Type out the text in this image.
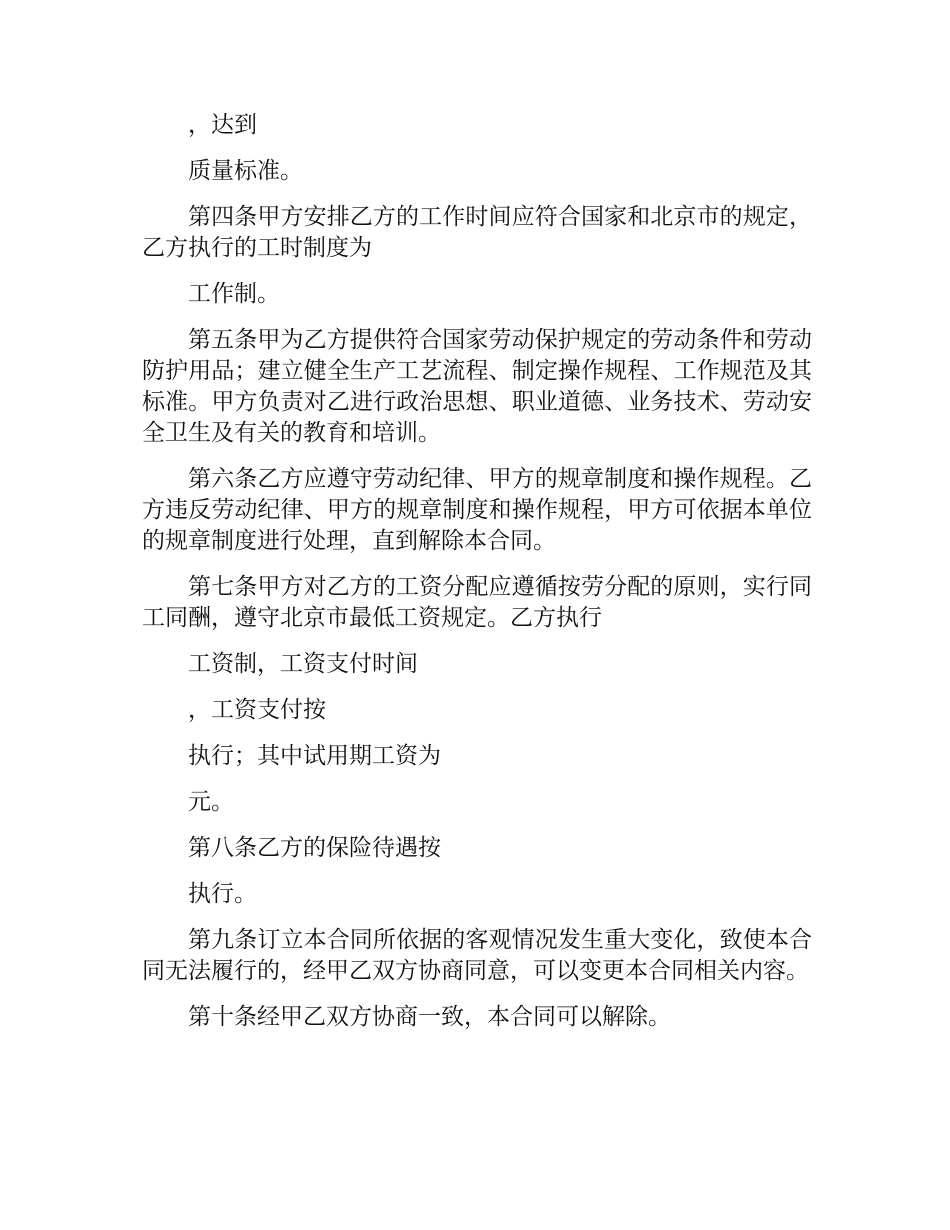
，达到

质量标准。

第四条甲方安排乙方的工作时间应符合国家和北京市的规定，乙方执行的工时制度为

工作制。

第五条甲为乙方提供符合国家劳动保护规定的劳动条件和劳动防护用品；建立健全生产工艺流程、制定操作规程、工作规范及其标准。甲方负责对乙进行政治思想、职业道德、业务技术、劳动安全卫生及有关的教育和培训。

第六条乙方应遵守劳动纪律、甲方的规章制度和操作规程。乙方违反劳动纪律、甲方的规章制度和操作规程，甲方可依据本单位的规章制度进行处理，直到解除本合同。

第七条甲方对乙方的工资分配应遵循按劳分配的原则，实行同工同酬，遵守北京市最低工资规定。乙方执行

工资制，工资支付时间

，工资支付按

执行；其中试用期工资为

元。

第八条乙方的保险待遇按

执行。

第九条订立本合同所依据的客观情况发生重大变化，致使本合同无法履行的，经甲乙双方协商同意，可以变更本合同相关内容。

第十条经甲乙双方协商一致，本合同可以解除。
